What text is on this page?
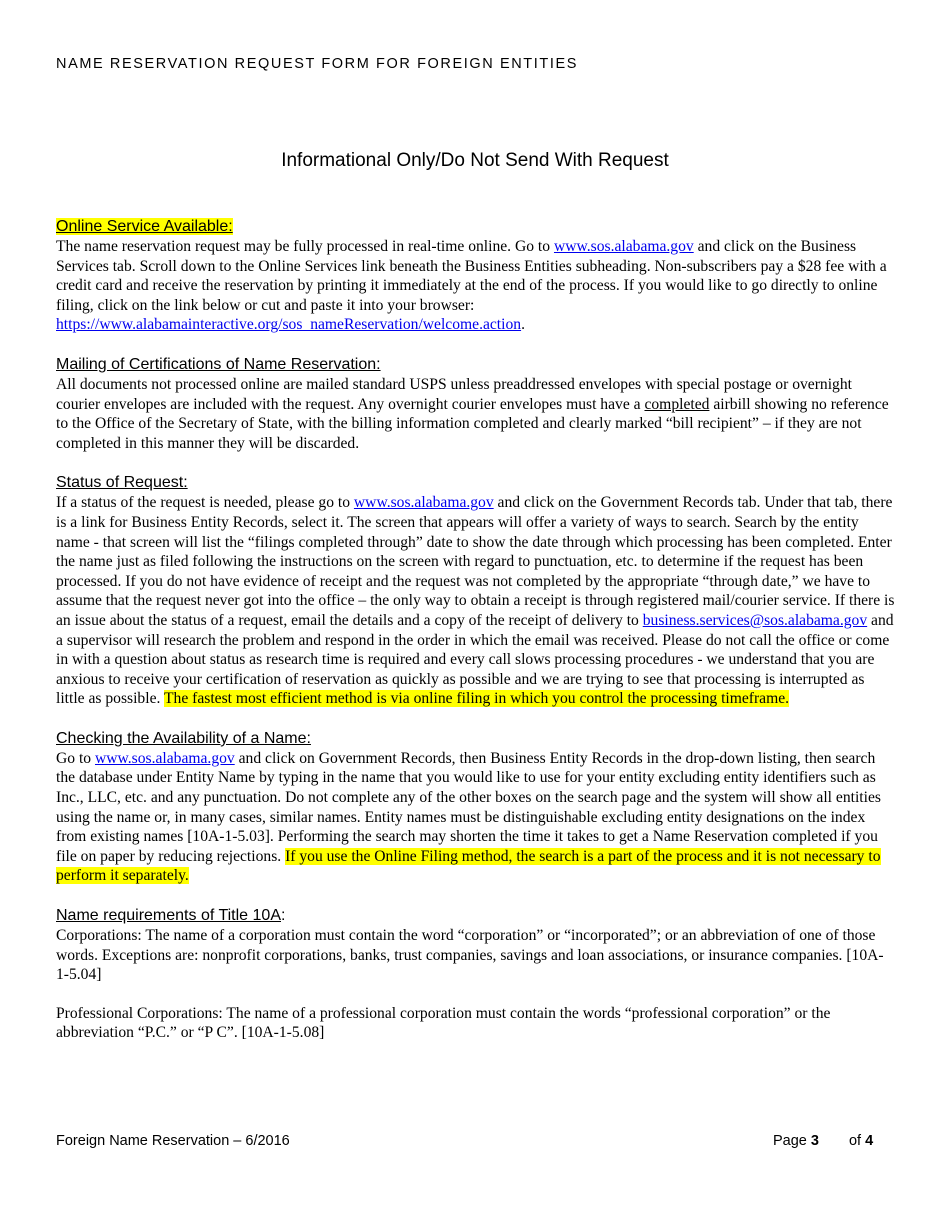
NAME RESERVATION REQUEST FORM FOR FOREIGN ENTITIES
Informational Only/Do Not Send With Request

Online Service Available:

The name reservation request may be fully processed in real-time online. Go to www.sos.alabama.gov and click on the Business Services tab. Scroll down to the Online Services link beneath the Business Entities subheading. Non-subscribers pay a $28 fee with a credit card and receive the reservation by printing it immediately at the end of the process. If you would like to go directly to online filing, click on the link below or cut and paste it into your browser: https://www.alabamainteractive.org/sos_nameReservation/welcome.action.

Mailing of Certifications of Name Reservation:

All documents not processed online are mailed standard USPS unless preaddressed envelopes with special postage or overnight courier envelopes are included with the request. Any overnight courier envelopes must have a completed airbill showing no reference to the Office of the Secretary of State, with the billing information completed and clearly marked “bill recipient” – if they are not completed in this manner they will be discarded.

Status of Request:

If a status of the request is needed, please go to www.sos.alabama.gov and click on the Government Records tab. Under that tab, there is a link for Business Entity Records, select it. The screen that appears will offer a variety of ways to search. Search by the entity name - that screen will list the “filings completed through” date to show the date through which processing has been completed. Enter the name just as filed following the instructions on the screen with regard to punctuation, etc. to determine if the request has been processed. If you do not have evidence of receipt and the request was not completed by the appropriate “through date,” we have to assume that the request never got into the office – the only way to obtain a receipt is through registered mail/courier service. If there is an issue about the status of a request, email the details and a copy of the receipt of delivery to business.services@sos.alabama.gov and a supervisor will research the problem and respond in the order in which the email was received. Please do not call the office or come in with a question about status as research time is required and every call slows processing procedures - we understand that you are anxious to receive your certification of reservation as quickly as possible and we are trying to see that processing is interrupted as little as possible. The fastest most efficient method is via online filing in which you control the processing timeframe.

Checking the Availability of a Name:

Go to www.sos.alabama.gov and click on Government Records, then Business Entity Records in the drop-down listing, then search the database under Entity Name by typing in the name that you would like to use for your entity excluding entity identifiers such as Inc., LLC, etc. and any punctuation. Do not complete any of the other boxes on the search page and the system will show all entities using the name or, in many cases, similar names. Entity names must be distinguishable excluding entity designations on the index from existing names [10A-1-5.03]. Performing the search may shorten the time it takes to get a Name Reservation completed if you file on paper by reducing rejections. If you use the Online Filing method, the search is a part of the process and it is not necessary to perform it separately.

Name requirements of Title 10A:

Corporations: The name of a corporation must contain the word “corporation” or “incorporated”; or an abbreviation of one of those words. Exceptions are: nonprofit corporations, banks, trust companies, savings and loan associations, or insurance companies. [10A-1-5.04]

Professional Corporations: The name of a professional corporation must contain the words “professional corporation” or the abbreviation “P.C.” or “P C”. [10A-1-5.08]

Foreign Name Reservation – 6/2016	Page 3 of 4
